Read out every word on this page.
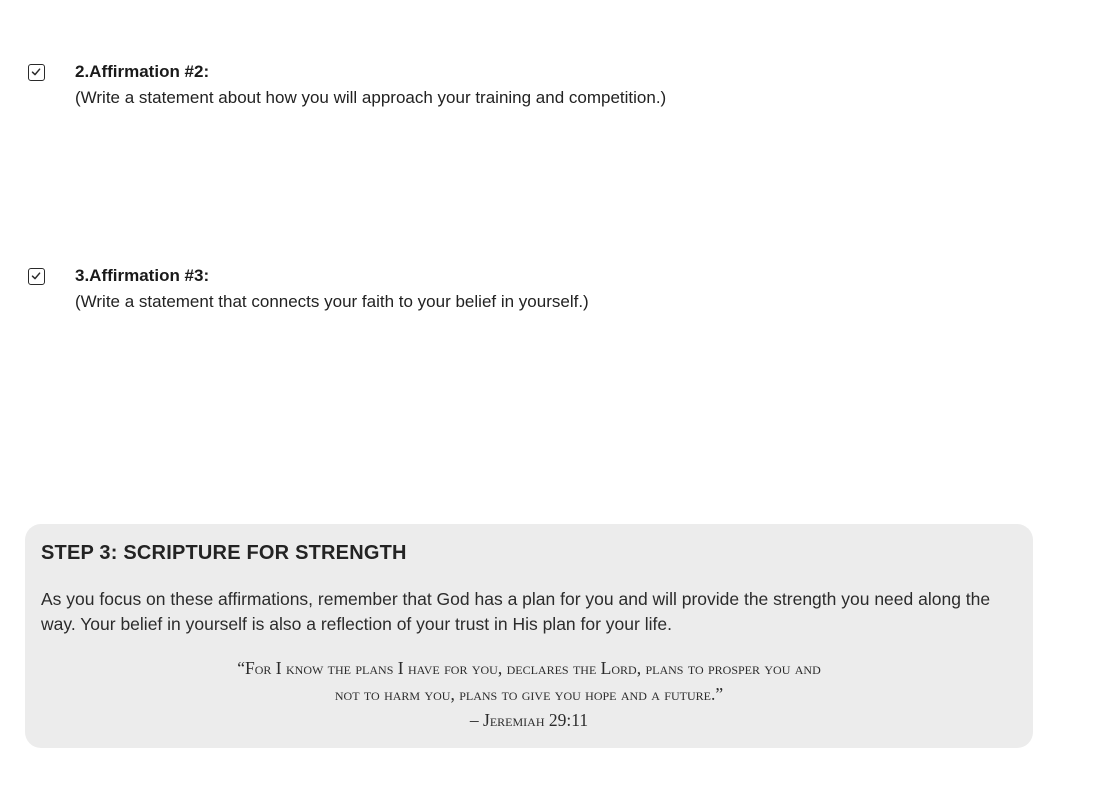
2.Affirmation #2:
(Write a statement about how you will approach your training and competition.)
3.Affirmation #3:
(Write a statement that connects your faith to your belief in yourself.)
STEP 3: SCRIPTURE FOR STRENGTH
As you focus on these affirmations, remember that God has a plan for you and will provide the strength you need along the way. Your belief in yourself is also a reflection of your trust in His plan for your life.
“For I know the plans I have for you, declares the Lord, plans to prosper you and
not to harm you, plans to give you hope and a future.”
– Jeremiah 29:11
